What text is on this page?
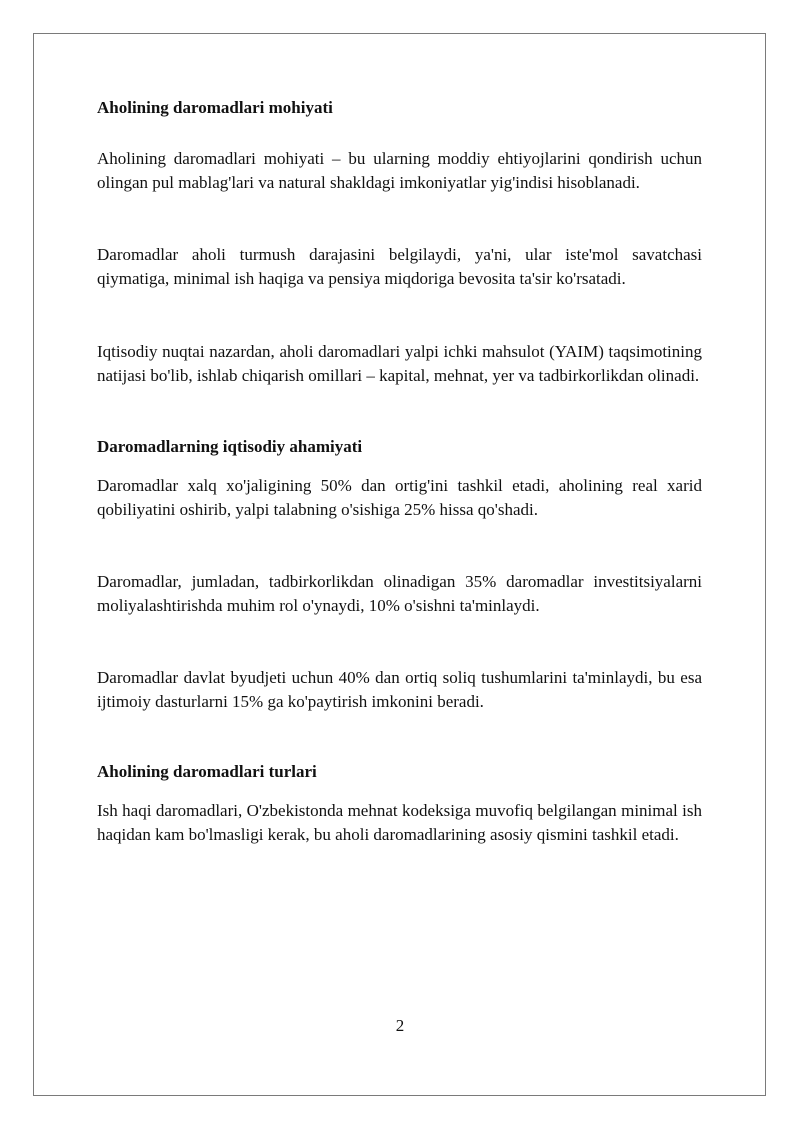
Aholining daromadlari mohiyati

Aholining daromadlari mohiyati – bu ularning moddiy ehtiyojlarini qondirish uchun olingan pul mablag'lari va natural shakldagi imkoniyatlar yig'indisi hisoblanadi.

Daromadlar aholi turmush darajasini belgilaydi, ya'ni, ular iste'mol savatchasi qiymatiga, minimal ish haqiga va pensiya miqdoriga bevosita ta'sir ko'rsatadi.

Iqtisodiy nuqtai nazardan, aholi daromadlari yalpi ichki mahsulot (YAIM) taqsimotining natijasi bo'lib, ishlab chiqarish omillari – kapital, mehnat, yer va tadbirkorlikdan olinadi.

Daromadlarning iqtisodiy ahamiyati

Daromadlar xalq xo'jaligining 50% dan ortig'ini tashkil etadi, aholining real xarid qobiliyatini oshirib, yalpi talabning o'sishiga 25% hissa qo'shadi.

Daromadlar, jumladan, tadbirkorlikdan olinadigan 35% daromadlar investitsiyalarni moliyalashtirishda muhim rol o'ynaydi, 10% o'sishni ta'minlaydi.

Daromadlar davlat byudjeti uchun 40% dan ortiq soliq tushumlarini ta'minlaydi, bu esa ijtimoiy dasturlarni 15% ga ko'paytirish imkonini beradi.

Aholining daromadlari turlari

Ish haqi daromadlari, O'zbekistonda mehnat kodeksiga muvofiq belgilangan minimal ish haqidan kam bo'lmasligi kerak, bu aholi daromadlarining asosiy qismini tashkil etadi.

2
